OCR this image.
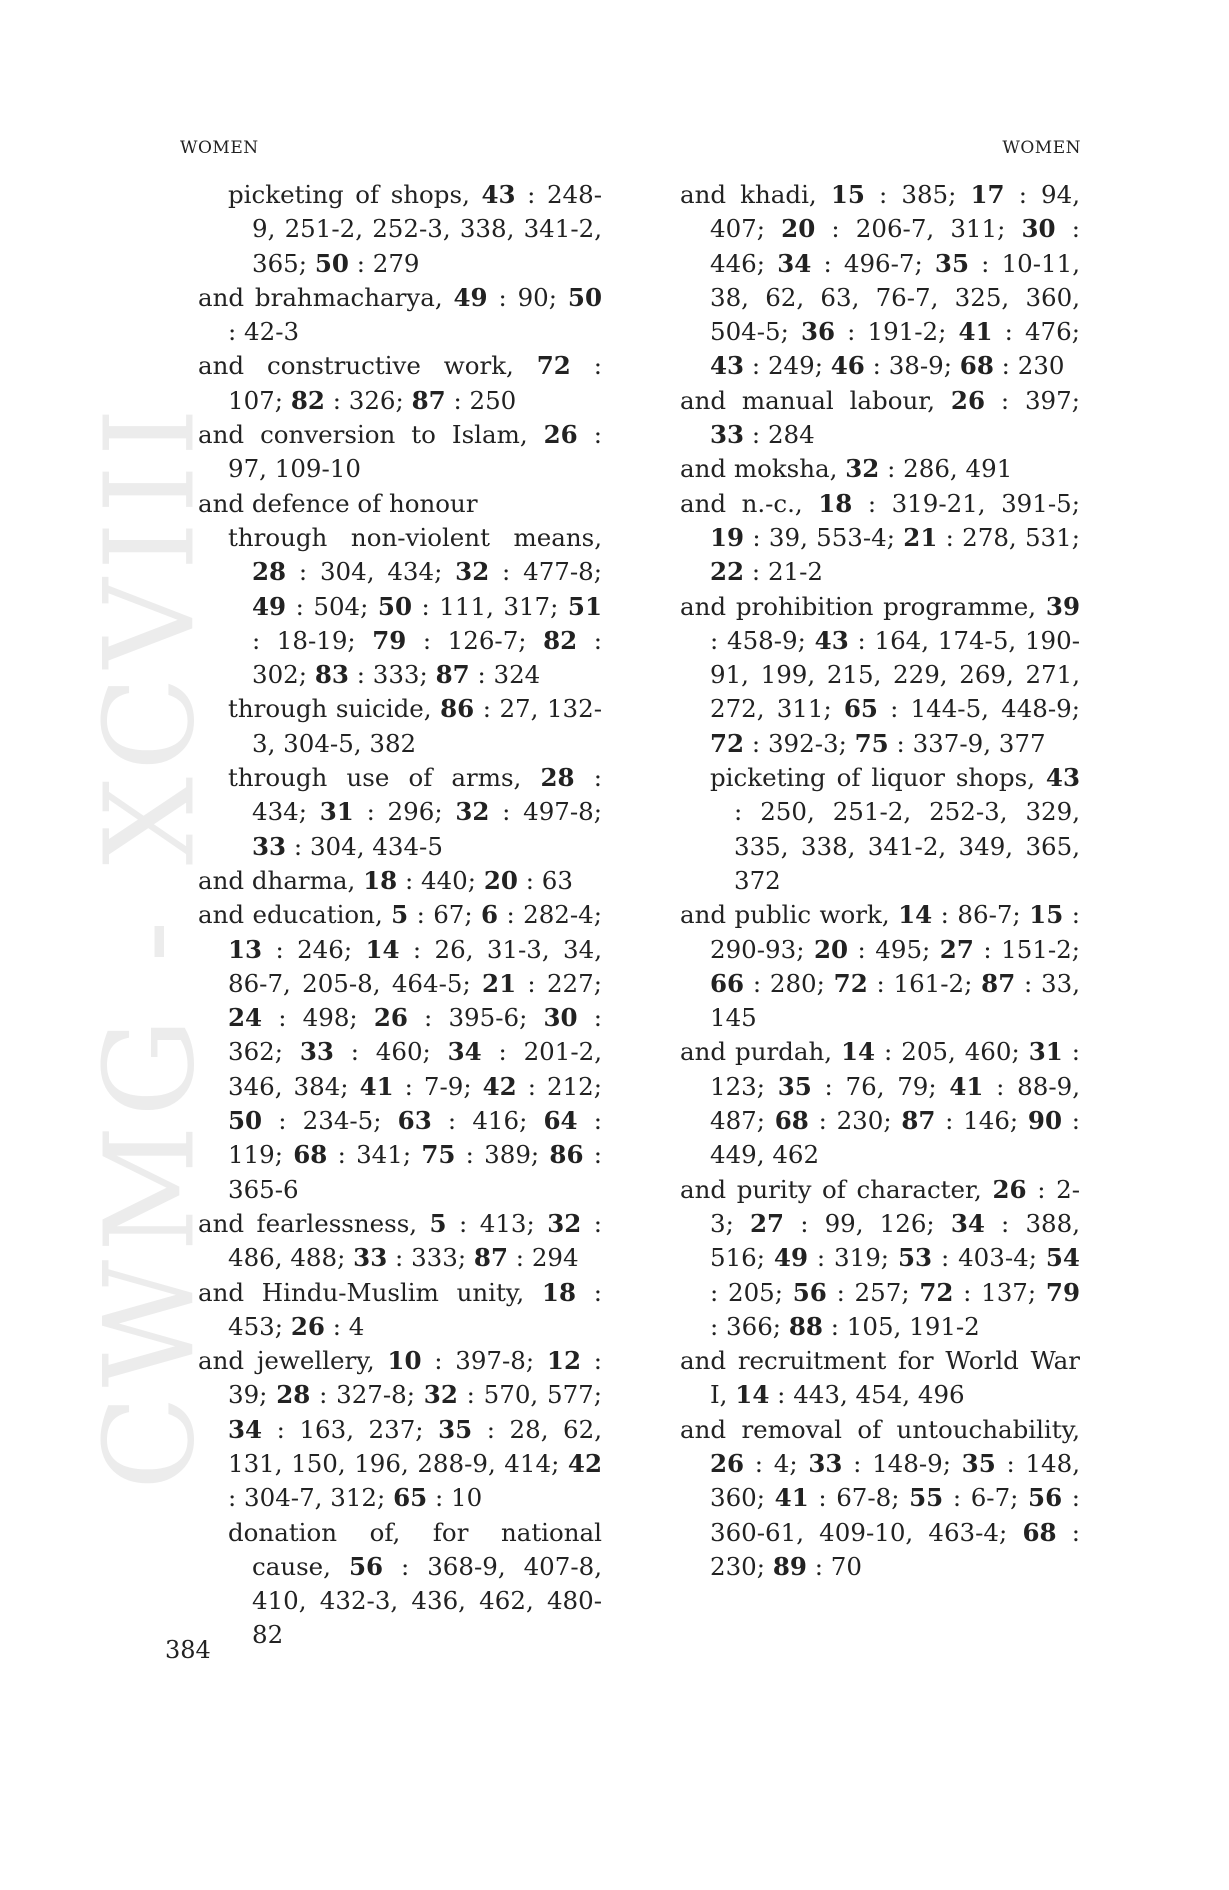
CWMG - XCVIII
WOMEN	WOMEN

picketing of shops, 43 : 248-9, 251-2, 252-3, 338, 341-2, 365; 50 : 279

and brahmacharya, 49 : 90; 50 : 42-3

and constructive work, 72 : 107; 82 : 326; 87 : 250

and conversion to Islam, 26 : 97, 109-10

and defence of honour

through non-violent means, 28 : 304, 434; 32 : 477-8; 49 : 504; 50 : 111, 317; 51 : 18-19; 79 : 126-7; 82 : 302; 83 : 333; 87 : 324

through suicide, 86 : 27, 132-3, 304-5, 382

through use of arms, 28 : 434; 31 : 296; 32 : 497-8; 33 : 304, 434-5

and dharma, 18 : 440; 20 : 63

and education, 5 : 67; 6 : 282-4; 13 : 246; 14 : 26, 31-3, 34, 86-7, 205-8, 464-5; 21 : 227; 24 : 498; 26 : 395-6; 30 : 362; 33 : 460; 34 : 201-2, 346, 384; 41 : 7-9; 42 : 212; 50 : 234-5; 63 : 416; 64 : 119; 68 : 341; 75 : 389; 86 : 365-6

and fearlessness, 5 : 413; 32 : 486, 488; 33 : 333; 87 : 294

and Hindu-Muslim unity, 18 : 453; 26 : 4

and jewellery, 10 : 397-8; 12 : 39; 28 : 327-8; 32 : 570, 577; 34 : 163, 237; 35 : 28, 62, 131, 150, 196, 288-9, 414; 42 : 304-7, 312; 65 : 10

donation of, for national cause, 56 : 368-9, 407-8, 410, 432-3, 436, 462, 480-82

and khadi, 15 : 385; 17 : 94, 407; 20 : 206-7, 311; 30 : 446; 34 : 496-7; 35 : 10-11, 38, 62, 63, 76-7, 325, 360, 504-5; 36 : 191-2; 41 : 476; 43 : 249; 46 : 38-9; 68 : 230

and manual labour, 26 : 397; 33 : 284

and moksha, 32 : 286, 491

and n.-c., 18 : 319-21, 391-5; 19 : 39, 553-4; 21 : 278, 531; 22 : 21-2

and prohibition programme, 39 : 458-9; 43 : 164, 174-5, 190-91, 199, 215, 229, 269, 271, 272, 311; 65 : 144-5, 448-9; 72 : 392-3; 75 : 337-9, 377

picketing of liquor shops, 43 : 250, 251-2, 252-3, 329, 335, 338, 341-2, 349, 365, 372

and public work, 14 : 86-7; 15 : 290-93; 20 : 495; 27 : 151-2; 66 : 280; 72 : 161-2; 87 : 33, 145

and purdah, 14 : 205, 460; 31 : 123; 35 : 76, 79; 41 : 88-9, 487; 68 : 230; 87 : 146; 90 : 449, 462

and purity of character, 26 : 2-3; 27 : 99, 126; 34 : 388, 516; 49 : 319; 53 : 403-4; 54 : 205; 56 : 257; 72 : 137; 79 : 366; 88 : 105, 191-2

and recruitment for World War I, 14 : 443, 454, 496

and removal of untouchability, 26 : 4; 33 : 148-9; 35 : 148, 360; 41 : 67-8; 55 : 6-7; 56 : 360-61, 409-10, 463-4; 68 : 230; 89 : 70

384
